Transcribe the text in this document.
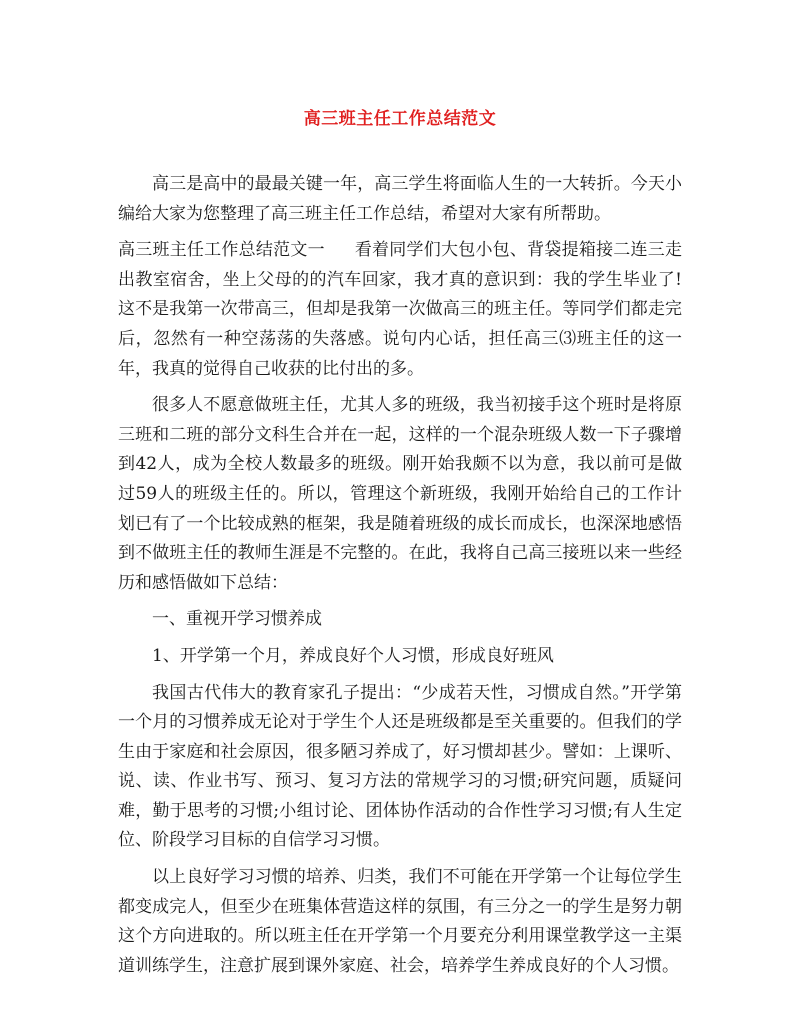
高三班主任工作总结范文

高三是高中的最最关键一年，高三学生将面临人生的一大转折。今天小编给大家为您整理了高三班主任工作总结，希望对大家有所帮助。

高三班主任工作总结范文一 看着同学们大包小包、背袋提箱接二连三走出教室宿舍，坐上父母的的汽车回家，我才真的意识到：我的学生毕业了!这不是我第一次带高三，但却是我第一次做高三的班主任。等同学们都走完后，忽然有一种空荡荡的失落感。说句内心话，担任高三⑶班主任的这一年，我真的觉得自己收获的比付出的多。

很多人不愿意做班主任，尤其人多的班级，我当初接手这个班时是将原三班和二班的部分文科生合并在一起，这样的一个混杂班级人数一下子骤增到42人，成为全校人数最多的班级。刚开始我颇不以为意，我以前可是做过59人的班级主任的。所以，管理这个新班级，我刚开始给自己的工作计划已有了一个比较成熟的框架，我是随着班级的成长而成长，也深深地感悟到不做班主任的教师生涯是不完整的。在此，我将自己高三接班以来一些经历和感悟做如下总结：

一、重视开学习惯养成

1、开学第一个月，养成良好个人习惯，形成良好班风

我国古代伟大的教育家孔子提出：“少成若天性，习惯成自然。”开学第一个月的习惯养成无论对于学生个人还是班级都是至关重要的。但我们的学生由于家庭和社会原因，很多陋习养成了，好习惯却甚少。譬如：上课听、说、读、作业书写、预习、复习方法的常规学习的习惯;研究问题，质疑问难，勤于思考的习惯;小组讨论、团体协作活动的合作性学习习惯;有人生定位、阶段学习目标的自信学习习惯。

以上良好学习习惯的培养、归类，我们不可能在开学第一个让每位学生都变成完人，但至少在班集体营造这样的氛围，有三分之一的学生是努力朝这个方向进取的。所以班主任在开学第一个月要充分利用课堂教学这一主渠道训练学生，注意扩展到课外家庭、社会，培养学生养成良好的个人习惯。
